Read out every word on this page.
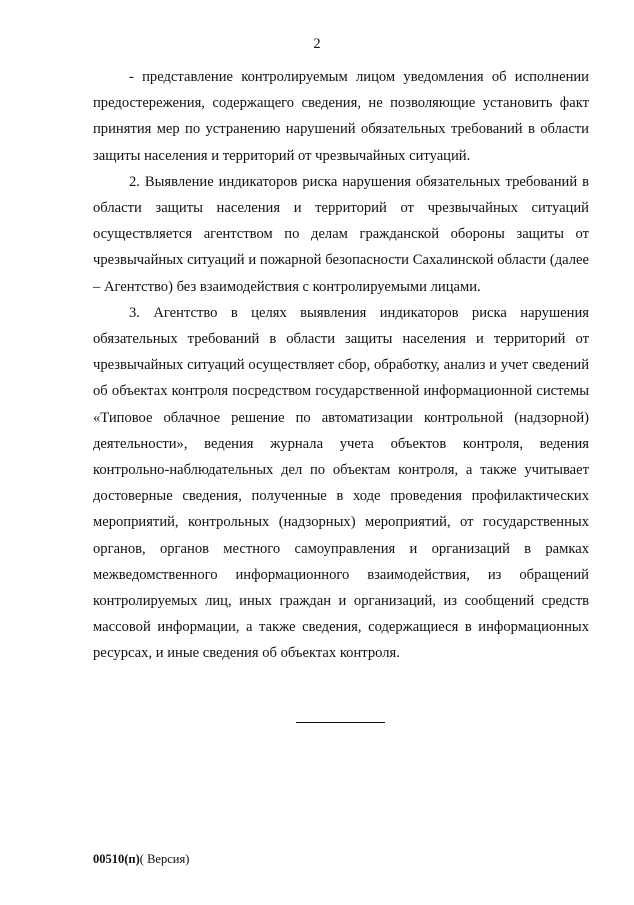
2

- представление контролируемым лицом уведомления об исполнении предостережения, содержащего сведения, не позволяющие установить факт принятия мер по устранению нарушений обязательных требований в области защиты населения и территорий от чрезвычайных ситуаций.

2. Выявление индикаторов риска нарушения обязательных требований в области защиты населения и территорий от чрезвычайных ситуаций осуществляется агентством по делам гражданской обороны защиты от чрезвычайных ситуаций и пожарной безопасности Сахалинской области (далее – Агентство) без взаимодействия с контролируемыми лицами.

3. Агентство в целях выявления индикаторов риска нарушения обязательных требований в области защиты населения и территорий от чрезвычайных ситуаций осуществляет сбор, обработку, анализ и учет сведений об объектах контроля посредством государственной информационной системы «Типовое облачное решение по автоматизации контрольной (надзорной) деятельности», ведения журнала учета объектов контроля, ведения контрольно-наблюдательных дел по объектам контроля, а также учитывает достоверные сведения, полученные в ходе проведения профилактических мероприятий, контрольных (надзорных) мероприятий, от государственных органов, органов местного самоуправления и организаций в рамках межведомственного информационного взаимодействия, из обращений контролируемых лиц, иных граждан и организаций, из сообщений средств массовой информации, а также сведения, содержащиеся в информационных ресурсах, и иные сведения об объектах контроля.

00510(п)( Версия)
